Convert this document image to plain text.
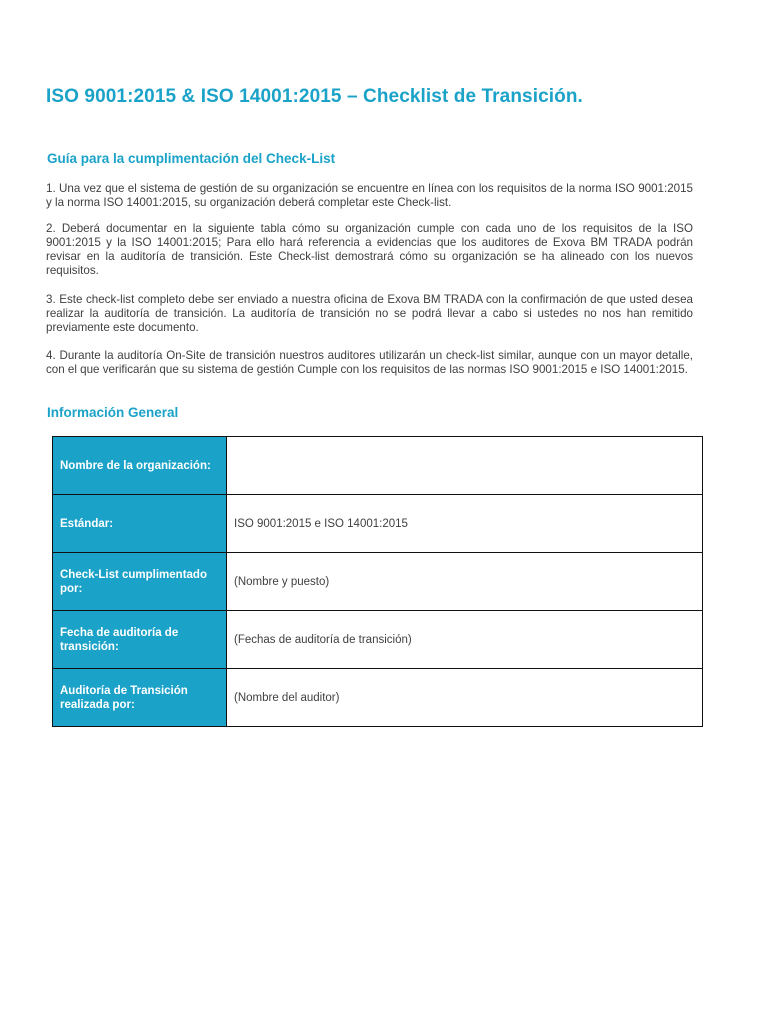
ISO 9001:2015 & ISO 14001:2015 – Checklist de Transición.
Guía para la cumplimentación del Check-List

1. Una vez que el sistema de gestión de su organización se encuentre en línea con los requisitos de la norma ISO 9001:2015 y la norma ISO 14001:2015, su organización deberá completar este Check-list.

2. Deberá documentar en la siguiente tabla cómo su organización cumple con cada uno de los requisitos de la ISO 9001:2015 y la ISO 14001:2015; Para ello hará referencia a evidencias que los auditores de Exova BM TRADA podrán revisar en la auditoría de transición. Este Check-list demostrará cómo su organización se ha alineado con los nuevos requisitos.

3. Este check-list completo debe ser enviado a nuestra oficina de Exova BM TRADA con la confirmación de que usted desea realizar la auditoría de transición. La auditoría de transición no se podrá llevar a cabo si ustedes no nos han remitido previamente este documento.

4. Durante la auditoría On-Site de transición nuestros auditores utilizarán un check-list similar, aunque con un mayor detalle, con el que verificarán que su sistema de gestión Cumple con los requisitos de las normas ISO 9001:2015 e ISO 14001:2015.

Información General
Nombre de la organización:	
Estándar:	ISO 9001:2015 e ISO 14001:2015
Check-List cumplimentado por:	(Nombre y puesto)
Fecha de auditoría de transición:	(Fechas de auditoría de transición)
Auditoría de Transición realizada por:	(Nombre del auditor)
